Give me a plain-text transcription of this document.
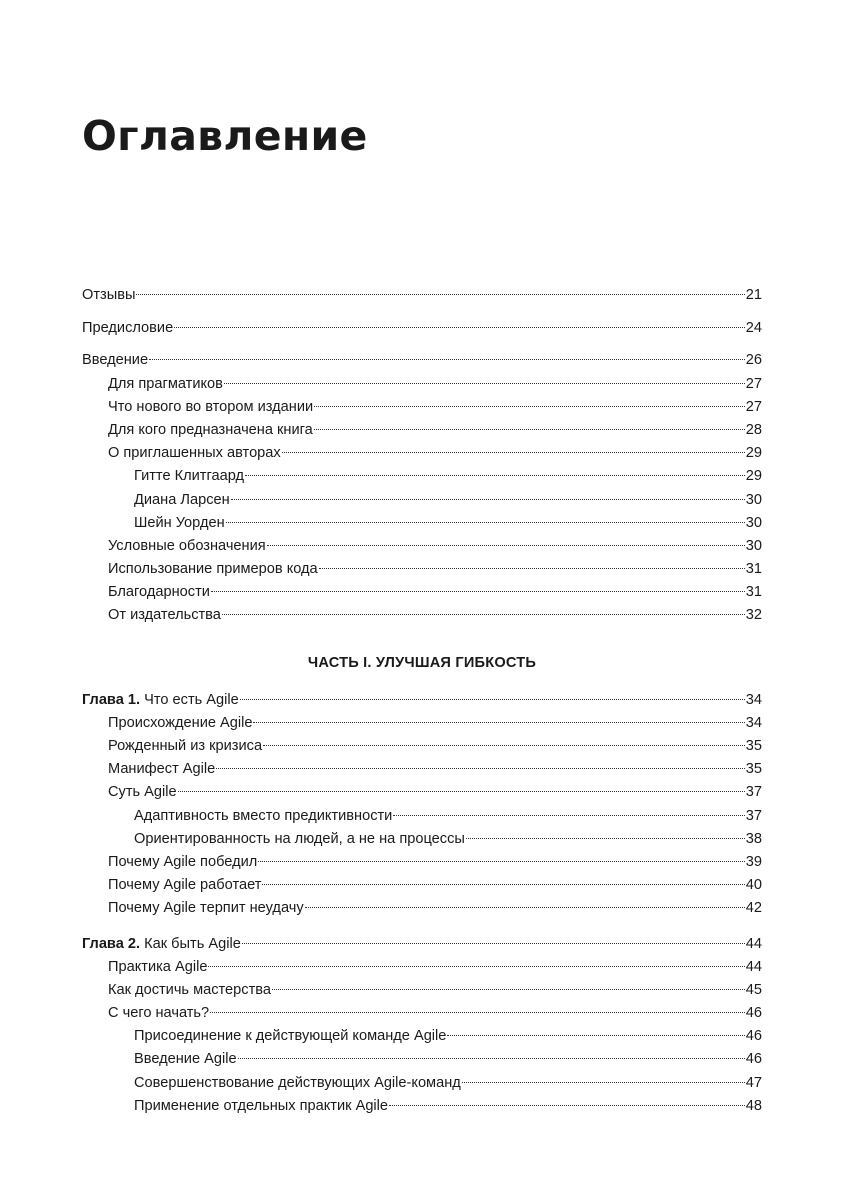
Оглавление
Отзывы	21
Предисловие	24
Введение	26
Для прагматиков	27
Что нового во втором издании	27
Для кого предназначена книга	28
О приглашенных авторах	29
Гитте Клитгаард	29
Диана Ларсен	30
Шейн Уорден	30
Условные обозначения	30
Использование примеров кода	31
Благодарности	31
От издательства	32
ЧАСТЬ I. УЛУЧШАЯ ГИБКОСТЬ
Глава 1. Что есть Agile	34
Происхождение Agile	34
Рожденный из кризиса	35
Манифест Agile	35
Суть Agile	37
Адаптивность вместо предиктивности	37
Ориентированность на людей, а не на процессы	38
Почему Agile победил	39
Почему Agile работает	40
Почему Agile терпит неудачу	42
Глава 2. Как быть Agile	44
Практика Agile	44
Как достичь мастерства	45
С чего начать?	46
Присоединение к действующей команде Agile	46
Введение Agile	46
Совершенствование действующих Agile-команд	47
Применение отдельных практик Agile	48
